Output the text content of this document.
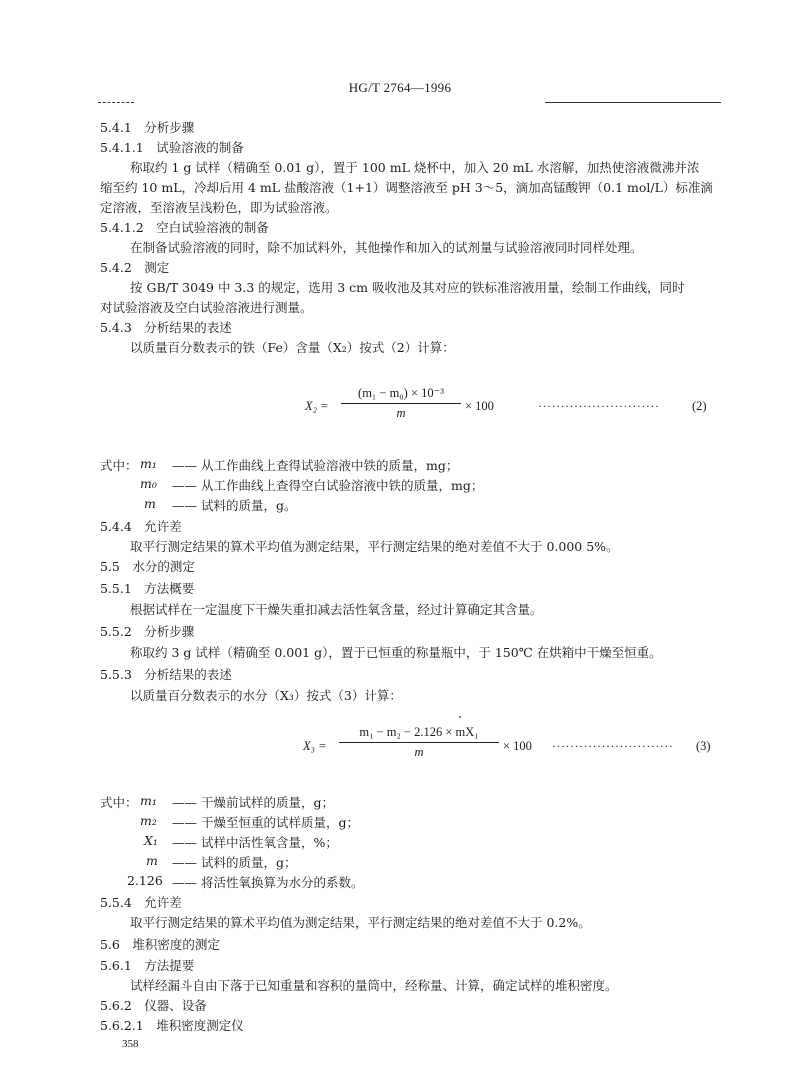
HG/T 2764—1996
5.4.1　分析步骤
5.4.1.1　试验溶液的制备
称取约 1 g 试样（精确至 0.01 g），置于 100 mL 烧杯中，加入 20 mL 水溶解，加热使溶液微沸并浓
缩至约 10 mL，冷却后用 4 mL 盐酸溶液（1+1）调整溶液至 pH 3～5，滴加高锰酸钾（0.1 mol/L）标准滴
定溶液，至溶液呈浅粉色，即为试验溶液。
5.4.1.2　空白试验溶液的制备
在制备试验溶液的同时，除不加试料外，其他操作和加入的试剂量与试验溶液同时同样处理。
5.4.2　测定
按 GB/T 3049 中 3.3 的规定，选用 3 cm 吸收池及其对应的铁标准溶液用量，绘制工作曲线，同时
对试验溶液及空白试验溶液进行测量。
5.4.3　分析结果的表述
以质量百分数表示的铁（Fe）含量（X₂）按式（2）计算：
$X_2 = \frac{\text{(m₁ − m₀) × 10⁻³}}{m} \times 100$	···························	(2)
式中： m₁ —— 从工作曲线上查得试验溶液中铁的质量，mg；
m₀ —— 从工作曲线上查得空白试验溶液中铁的质量，mg；
m —— 试料的质量，g。
5.4.4　允许差
取平行测定结果的算术平均值为测定结果，平行测定结果的绝对差值不大于 0.000 5%。
5.5　水分的测定
5.5.1　方法概要
根据试样在一定温度下干燥失重扣减去活性氧含量，经过计算确定其含量。
5.5.2　分析步骤
称取约 3 g 试样（精确至 0.001 g），置于已恒重的称量瓶中，于 150℃ 在烘箱中干燥至恒重。
5.5.3　分析结果的表述
以质量百分数表示的水分（X₃）按式（3）计算：
$X_3 = \frac{\text{m₁ − m₂ − 2.126 × mX₁}}{m} \times 100$ ··························· (3)
式中： m₁ —— 干燥前试样的质量，g；
m₂ —— 干燥至恒重的试样质量，g；
X₁ —— 试样中活性氧含量，%；
m —— 试料的质量，g；
2.126 —— 将活性氧换算为水分的系数。
5.5.4　允许差
取平行测定结果的算术平均值为测定结果，平行测定结果的绝对差值不大于 0.2%。
5.6　堆积密度的测定
5.6.1　方法提要
试样经漏斗自由下落于已知重量和容积的量筒中，经称量、计算，确定试样的堆积密度。
5.6.2　仪器、设备
5.6.2.1　堆积密度测定仪
358
